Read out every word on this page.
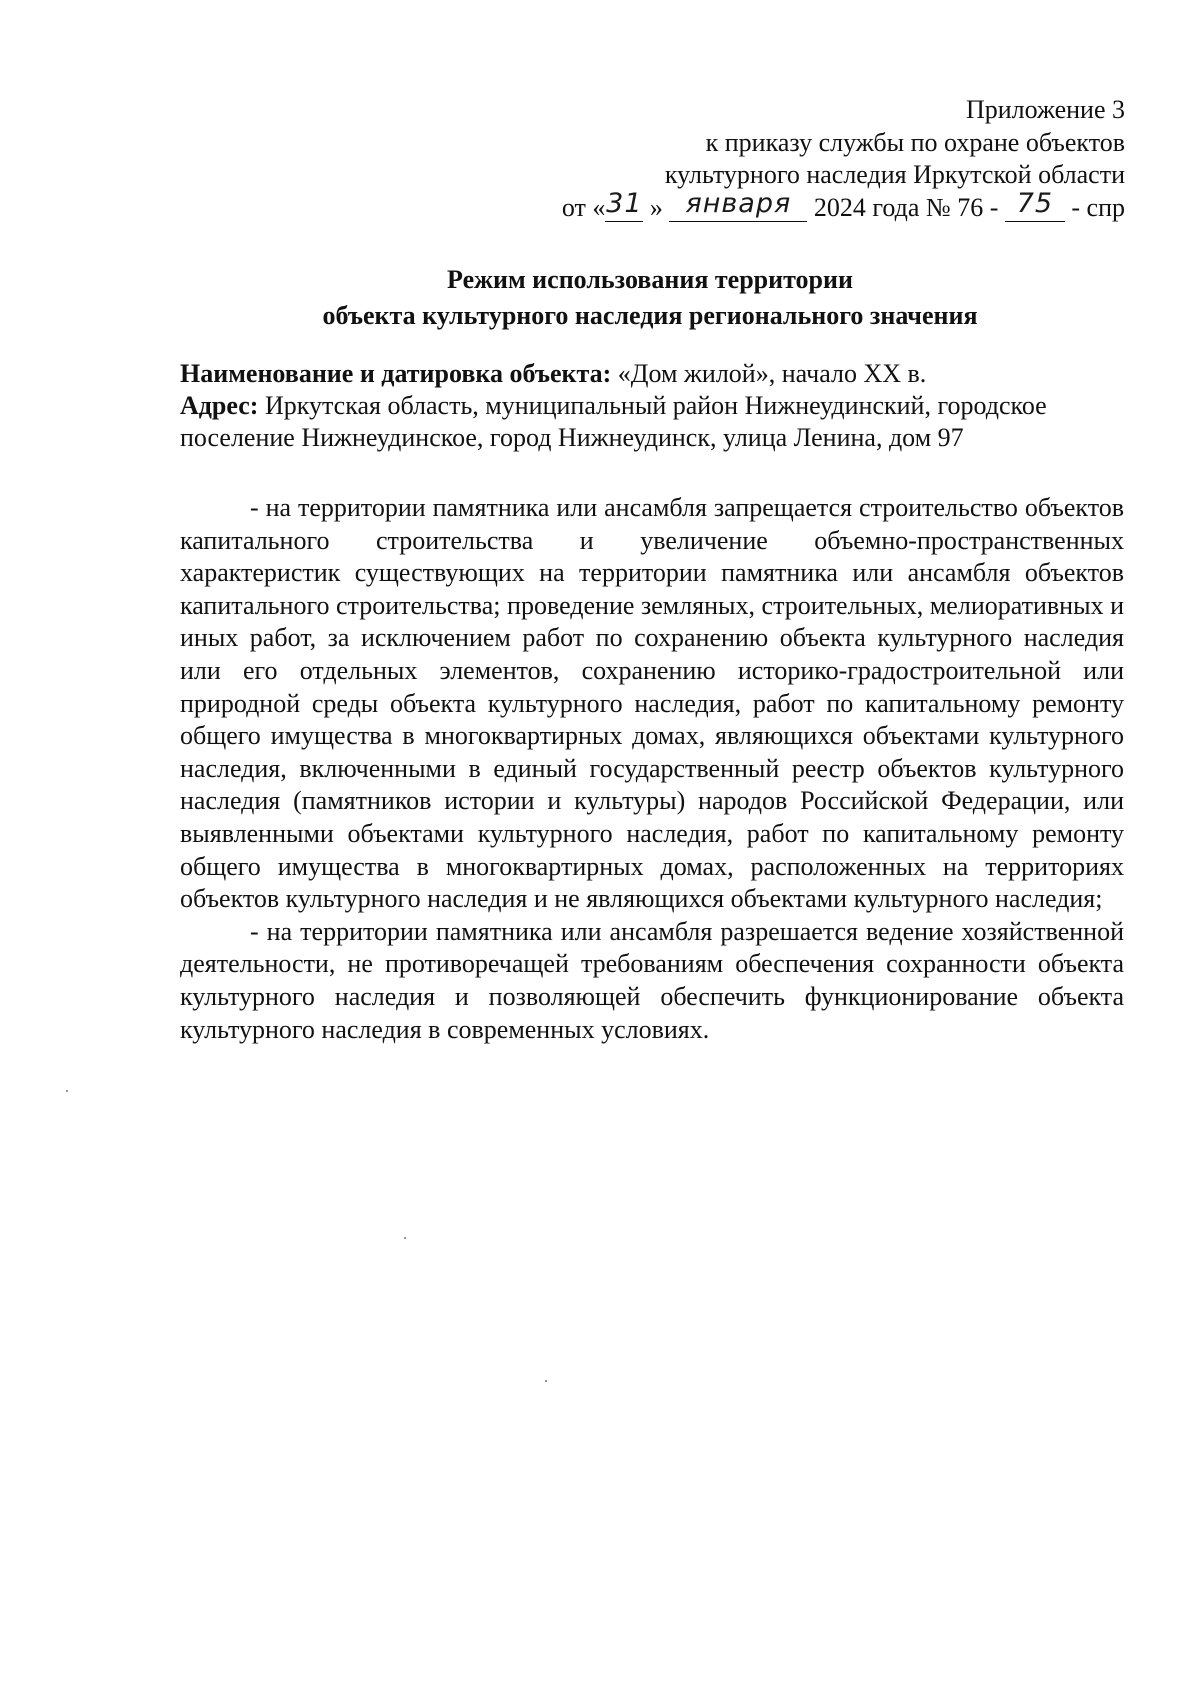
Приложение 3
к приказу службы по охране объектов
культурного наследия Иркутской области
от «31 » января 2024 года № 76 - 75 - спр
Режим использования территории
объекта культурного наследия регионального значения

Наименование и датировка объекта: «Дом жилой», начало XX в.

Адрес: Иркутская область, муниципальный район Нижнеудинский, городское поселение Нижнеудинское, город Нижнеудинск, улица Ленина, дом 97

- на территории памятника или ансамбля запрещается строительство объектов капитального строительства и увеличение объемно-пространственных характеристик существующих на территории памятника или ансамбля объектов капитального строительства; проведение земляных, строительных, мелиоративных и иных работ, за исключением работ по сохранению объекта культурного наследия или его отдельных элементов, сохранению историко-градостроительной или природной среды объекта культурного наследия, работ по капитальному ремонту общего имущества в многоквартирных домах, являющихся объектами культурного наследия, включенными в единый государственный реестр объектов культурного наследия (памятников истории и культуры) народов Российской Федерации, или выявленными объектами культурного наследия, работ по капитальному ремонту общего имущества в многоквартирных домах, расположенных на территориях объектов культурного наследия и не являющихся объектами культурного наследия;

- на территории памятника или ансамбля разрешается ведение хозяйственной деятельности, не противоречащей требованиям обеспечения сохранности объекта культурного наследия и позволяющей обеспечить функционирование объекта культурного наследия в современных условиях.
